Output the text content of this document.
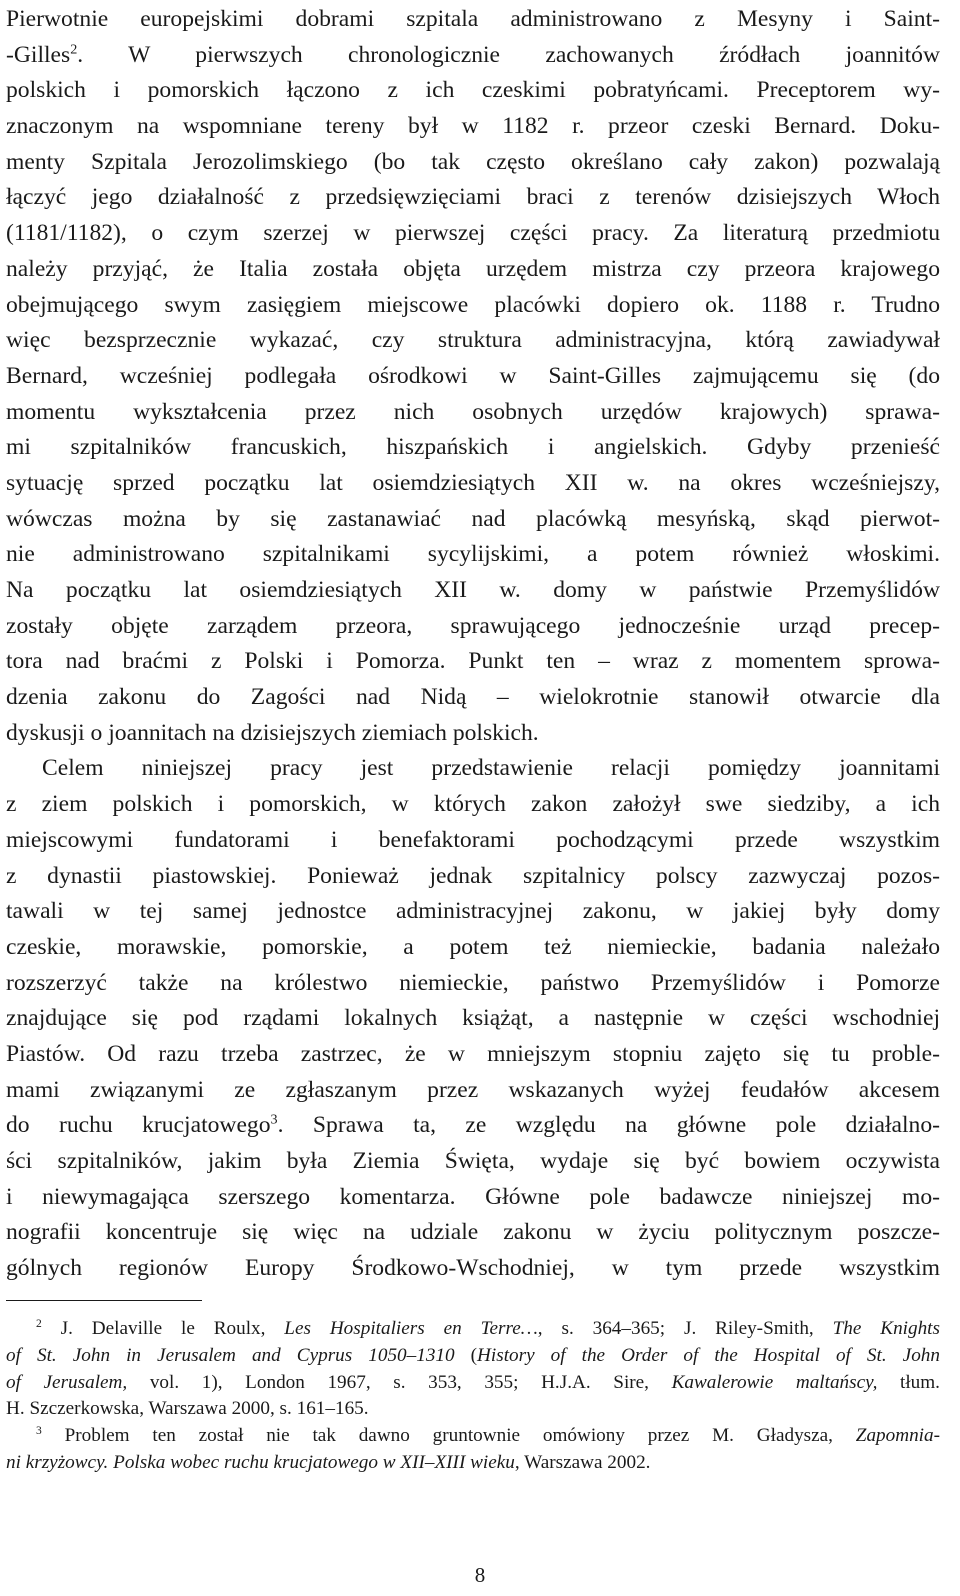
Pierwotnie europejskimi dobrami szpitala administrowano z Mesyny i Saint-
-Gilles$^2$. W pierwszych chronologicznie zachowanych źródłach joannitów
polskich i pomorskich łączono z ich czeskimi pobratyńcami. Preceptorem wy-
znaczonym na wspomniane tereny był w 1182 r. przeor czeski Bernard. Doku-
menty Szpitala Jerozolimskiego (bo tak często określano cały zakon) pozwalają
łączyć jego działalność z przedsięwzięciami braci z terenów dzisiejszych Włoch
(1181/1182), o czym szerzej w pierwszej części pracy. Za literaturą przedmiotu
należy przyjąć, że Italia została objęta urzędem mistrza czy przeora krajowego
obejmującego swym zasięgiem miejscowe placówki dopiero ok. 1188 r. Trudno
więc bezsprzecznie wykazać, czy struktura administracyjna, którą zawiadywał
Bernard, wcześniej podlegała ośrodkowi w Saint-Gilles zajmującemu się (do
momentu wykształcenia przez nich osobnych urzędów krajowych) sprawa-
mi szpitalników francuskich, hiszpańskich i angielskich. Gdyby przenieść
sytuację sprzed początku lat osiemdziesiątych XII w. na okres wcześniejszy,
wówczas można by się zastanawiać nad placówką mesyńską, skąd pierwot-
nie administrowano szpitalnikami sycylijskimi, a potem również włoskimi.
Na początku lat osiemdziesiątych XII w. domy w państwie Przemyślidów
zostały objęte zarządem przeora, sprawującego jednocześnie urząd precep-
tora nad braćmi z Polski i Pomorza. Punkt ten – wraz z momentem sprowa-
dzenia zakonu do Zagości nad Nidą – wielokrotnie stanowił otwarcie dla
dyskusji o joannitach na dzisiejszych ziemiach polskich.
Celem niniejszej pracy jest przedstawienie relacji pomiędzy joannitami
z ziem polskich i pomorskich, w których zakon założył swe siedziby, a ich
miejscowymi fundatorami i benefaktorami pochodzącymi przede wszystkim
z dynastii piastowskiej. Ponieważ jednak szpitalnicy polscy zazwyczaj pozos-
tawali w tej samej jednostce administracyjnej zakonu, w jakiej były domy
czeskie, morawskie, pomorskie, a potem też niemieckie, badania należało
rozszerzyć także na królestwo niemieckie, państwo Przemyślidów i Pomorze
znajdujące się pod rządami lokalnych książąt, a następnie w części wschodniej
Piastów. Od razu trzeba zastrzec, że w mniejszym stopniu zajęto się tu proble-
mami związanymi ze zgłaszanym przez wskazanych wyżej feudałów akcesem
do ruchu krucjatowego$^3$. Sprawa ta, ze względu na główne pole działalno-
ści szpitalników, jakim była Ziemia Święta, wydaje się być bowiem oczywista
i niewymagająca szerszego komentarza. Główne pole badawcze niniejszej mo-
nografii koncentruje się więc na udziale zakonu w życiu politycznym poszcze-
gólnych regionów Europy Środkowo-Wschodniej, w tym przede wszystkim
$^2$ J. Delaville le Roulx, Les Hospitaliers en Terre…, s. 364–365; J. Riley-Smith, The Knights
of St. John in Jerusalem and Cyprus 1050–1310 (History of the Order of the Hospital of St. John
of Jerusalem, vol. 1), London 1967, s. 353, 355; H.J.A. Sire, Kawalerowie maltańscy, tłum.
H. Szczerkowska, Warszawa 2000, s. 161–165.
$^3$ Problem ten został nie tak dawno gruntownie omówiony przez M. Gładysza, Zapomnia-
ni krzyżowcy. Polska wobec ruchu krucjatowego w XII–XIII wieku, Warszawa 2002.
8
